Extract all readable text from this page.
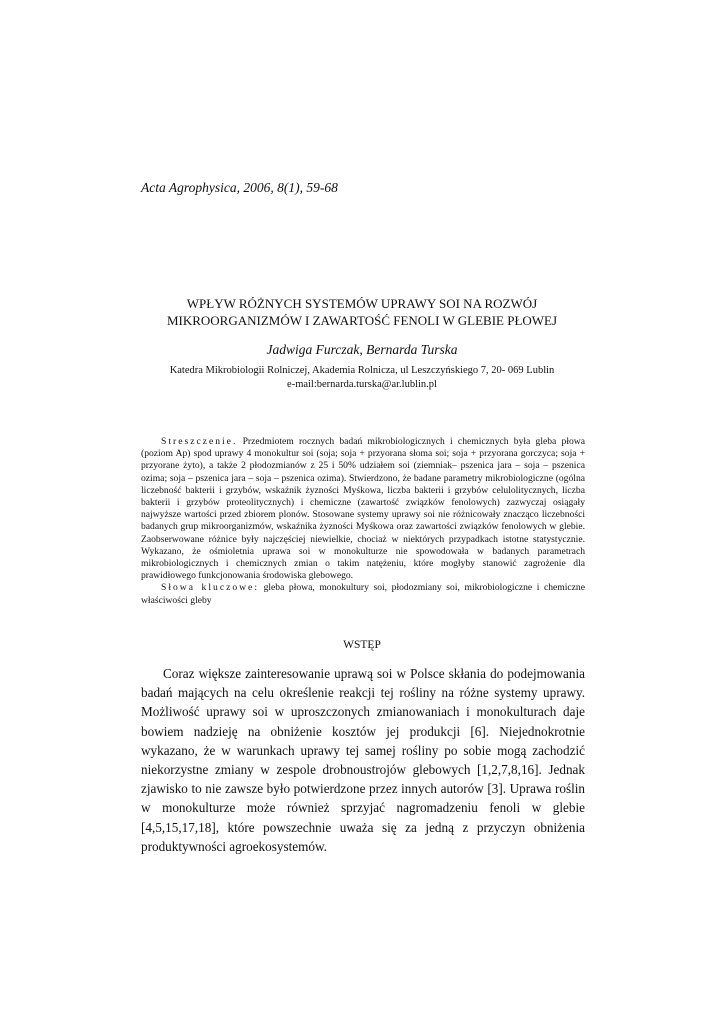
Acta Agrophysica, 2006, 8(1), 59-68
WPŁYW RÓŻNYCH SYSTEMÓW UPRAWY SOI NA ROZWÓJ
MIKROORGANIZMÓW I ZAWARTOŚĆ FENOLI W GLEBIE PŁOWEJ
Jadwiga Furczak, Bernarda Turska
Katedra Mikrobiologii Rolniczej, Akademia Rolnicza, ul Leszczyńskiego 7, 20- 069 Lublin
e-mail:bernarda.turska@ar.lublin.pl

Streszczenie. Przedmiotem rocznych badań mikrobiologicznych i chemicznych była gleba płowa (poziom Ap) spod uprawy 4 monokultur soi (soja; soja + przyorana słoma soi; soja + przyorana gorczyca; soja + przyorane żyto), a także 2 płodozmianów z 25 i 50% udziałem soi (ziemniak– pszenica jara – soja – pszenica ozima; soja – pszenica jara – soja – pszenica ozima). Stwierdzono, że badane parametry mikrobiologiczne (ogólna liczebność bakterii i grzybów, wskaźnik żyzności Myśkowa, liczba bakterii i grzybów celulolitycznych, liczba bakterii i grzybów proteolitycznych) i chemiczne (zawartość związków fenolowych) zazwyczaj osiągały najwyższe wartości przed zbiorem plonów. Stosowane systemy uprawy soi nie różnicowały znacząco liczebności badanych grup mikroorganizmów, wskaźnika żyzności Myśkowa oraz zawartości związków fenolowych w glebie. Zaobserwowane różnice były najczęściej niewielkie, chociaż w niektórych przypadkach istotne statystycznie. Wykazano, że ośmioletnia uprawa soi w monokulturze nie spowodowała w badanych parametrach mikrobiologicznych i chemicznych zmian o takim natężeniu, które mogłyby stanowić zagrożenie dla prawidłowego funkcjonowania środowiska glebowego.

Słowa kluczowe: gleba płowa, monokultury soi, płodozmiany soi, mikrobiologiczne i chemiczne właściwości gleby

WSTĘP

Coraz większe zainteresowanie uprawą soi w Polsce skłania do podejmowania badań mających na celu określenie reakcji tej rośliny na różne systemy uprawy. Możliwość uprawy soi w uproszczonych zmianowaniach i monokulturach daje bowiem nadzieję na obniżenie kosztów jej produkcji [6]. Niejednokrotnie wykazano, że w warunkach uprawy tej samej rośliny po sobie mogą zachodzić niekorzystne zmiany w zespole drobnoustrojów glebowych [1,2,7,8,16]. Jednak zjawisko to nie zawsze było potwierdzone przez innych autorów [3]. Uprawa roślin w monokulturze może również sprzyjać nagromadzeniu fenoli w glebie [4,5,15,17,18], które powszechnie uważa się za jedną z przyczyn obniżenia produktywności agroekosystemów.
